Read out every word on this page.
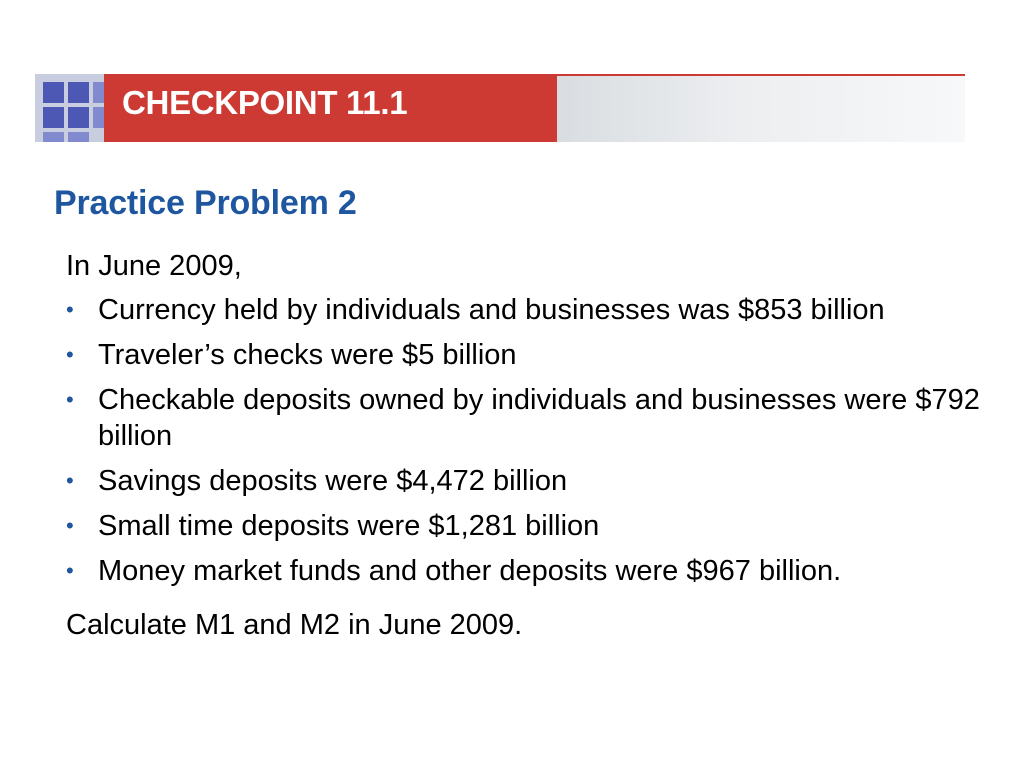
CHECKPOINT 11.1
Practice Problem 2

In June 2009,

• Currency held by individuals and businesses was $853 billion
• Traveler’s checks were $5 billion
• Checkable deposits owned by individuals and businesses were $792 billion
• Savings deposits were $4,472 billion
• Small time deposits were $1,281 billion
• Money market funds and other deposits were $967 billion.

Calculate M1 and M2 in June 2009.
